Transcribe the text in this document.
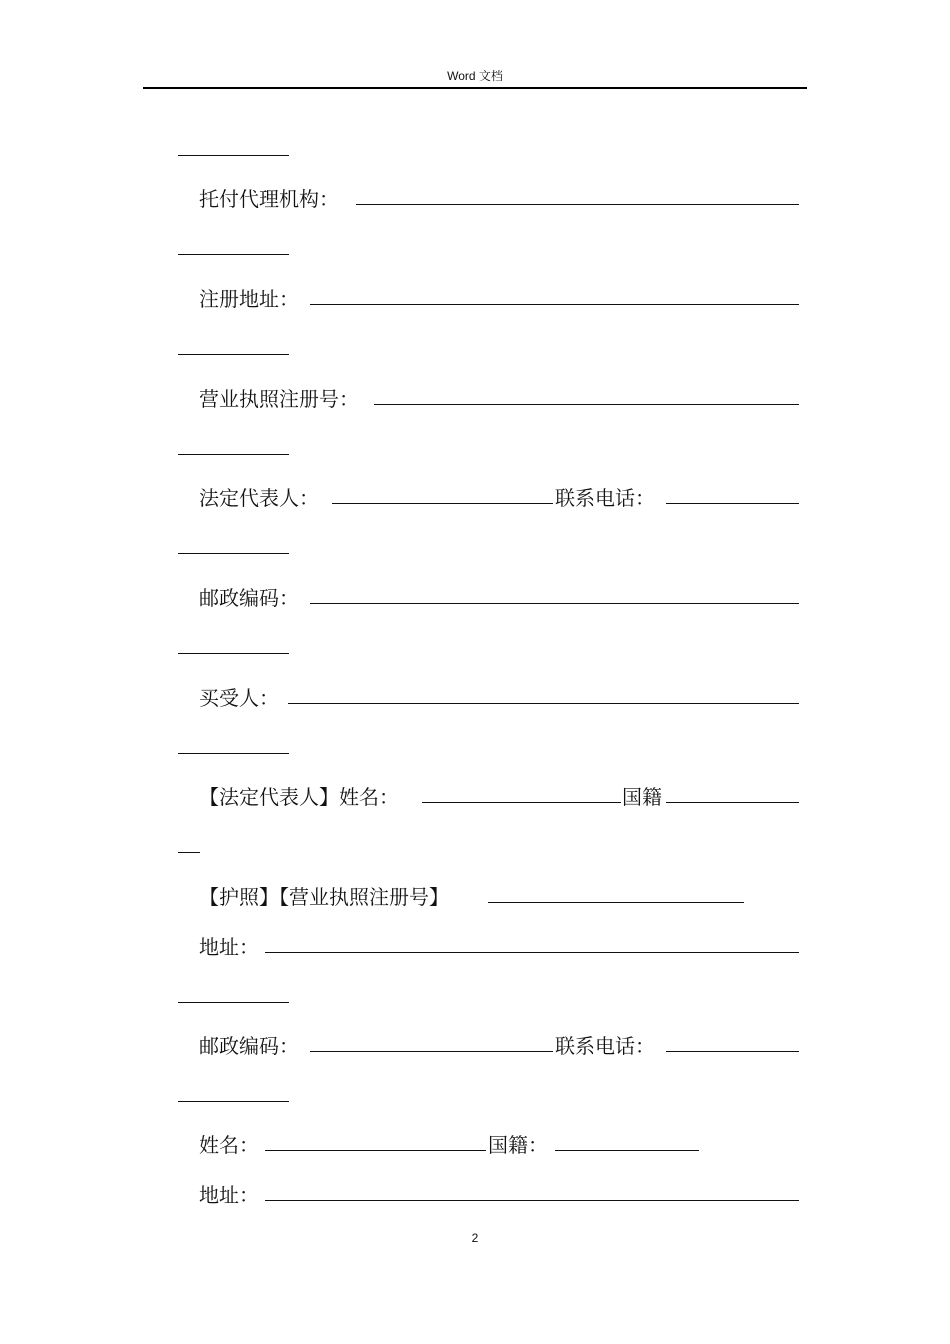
Word 文档
托付代理机构：
注册地址：
营业执照注册号：
法定代表人：	联系电话：
邮政编码：
买受人：
【法定代表人】姓名：	国籍
【护照】【营业执照注册号】
地址：
邮政编码：	联系电话：
姓名：	国籍：
地址：
2
